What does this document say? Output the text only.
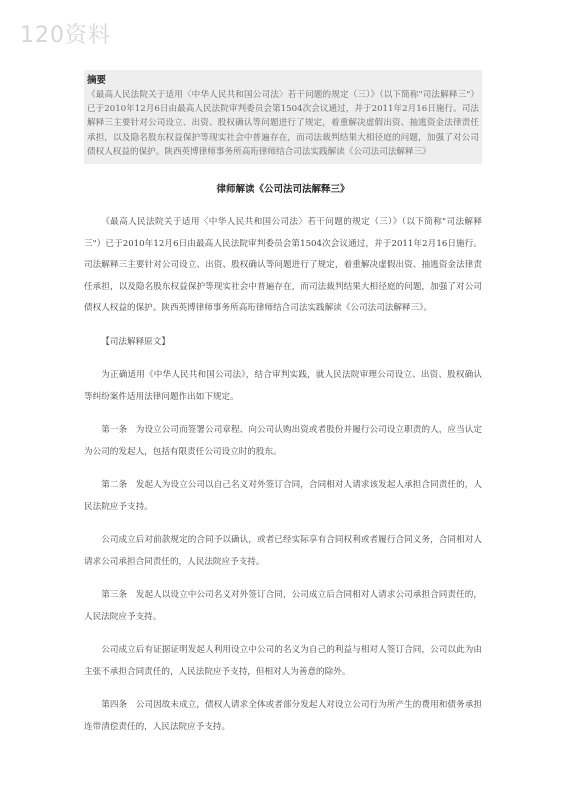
120资料
摘要

《最高人民法院关于适用〈中华人民共和国公司法〉若干问题的规定（三）》（以下简称"司法解释三"）已于2010年12月6日由最高人民法院审判委员会第1504次会议通过，并于2011年2月16日施行。司法解释三主要针对公司设立、出资、股权确认等问题进行了规定，着重解决虚假出资、抽逃资金法律责任承担，以及隐名股东权益保护等现实社会中普遍存在，而司法裁判结果大相径庭的问题，加强了对公司债权人权益的保护。陕西英博律师事务所高珩律师结合司法实践解读《公司法司法解释三》

律师解读《公司法司法解释三》

《最高人民法院关于适用〈中华人民共和国公司法〉若干问题的规定（三）》（以下简称"司法解释三"）已于2010年12月6日由最高人民法院审判委员会第1504次会议通过，并于2011年2月16日施行。司法解释三主要针对公司设立、出资、股权确认等问题进行了规定，着重解决虚假出资、抽逃资金法律责任承担，以及隐名股东权益保护等现实社会中普遍存在，而司法裁判结果大相径庭的问题，加强了对公司债权人权益的保护。陕西英博律师事务所高珩律师结合司法实践解读《公司法司法解释三》。

【司法解释原文】

为正确适用《中华人民共和国公司法》，结合审判实践，就人民法院审理公司设立、出资、股权确认等纠纷案件适用法律问题作出如下规定。

第一条　为设立公司而签署公司章程、向公司认购出资或者股份并履行公司设立职责的人，应当认定为公司的发起人，包括有限责任公司设立时的股东。

第二条　发起人为设立公司以自己名义对外签订合同，合同相对人请求该发起人承担合同责任的，人民法院应予支持。

公司成立后对前款规定的合同予以确认，或者已经实际享有合同权利或者履行合同义务，合同相对人请求公司承担合同责任的，人民法院应予支持。

第三条　发起人以设立中公司名义对外签订合同，公司成立后合同相对人请求公司承担合同责任的，人民法院应予支持。

公司成立后有证据证明发起人利用设立中公司的名义为自己的利益与相对人签订合同，公司以此为由主张不承担合同责任的，人民法院应予支持，但相对人为善意的除外。

第四条　公司因故未成立，债权人请求全体或者部分发起人对设立公司行为所产生的费用和债务承担连带清偿责任的，人民法院应予支持。
